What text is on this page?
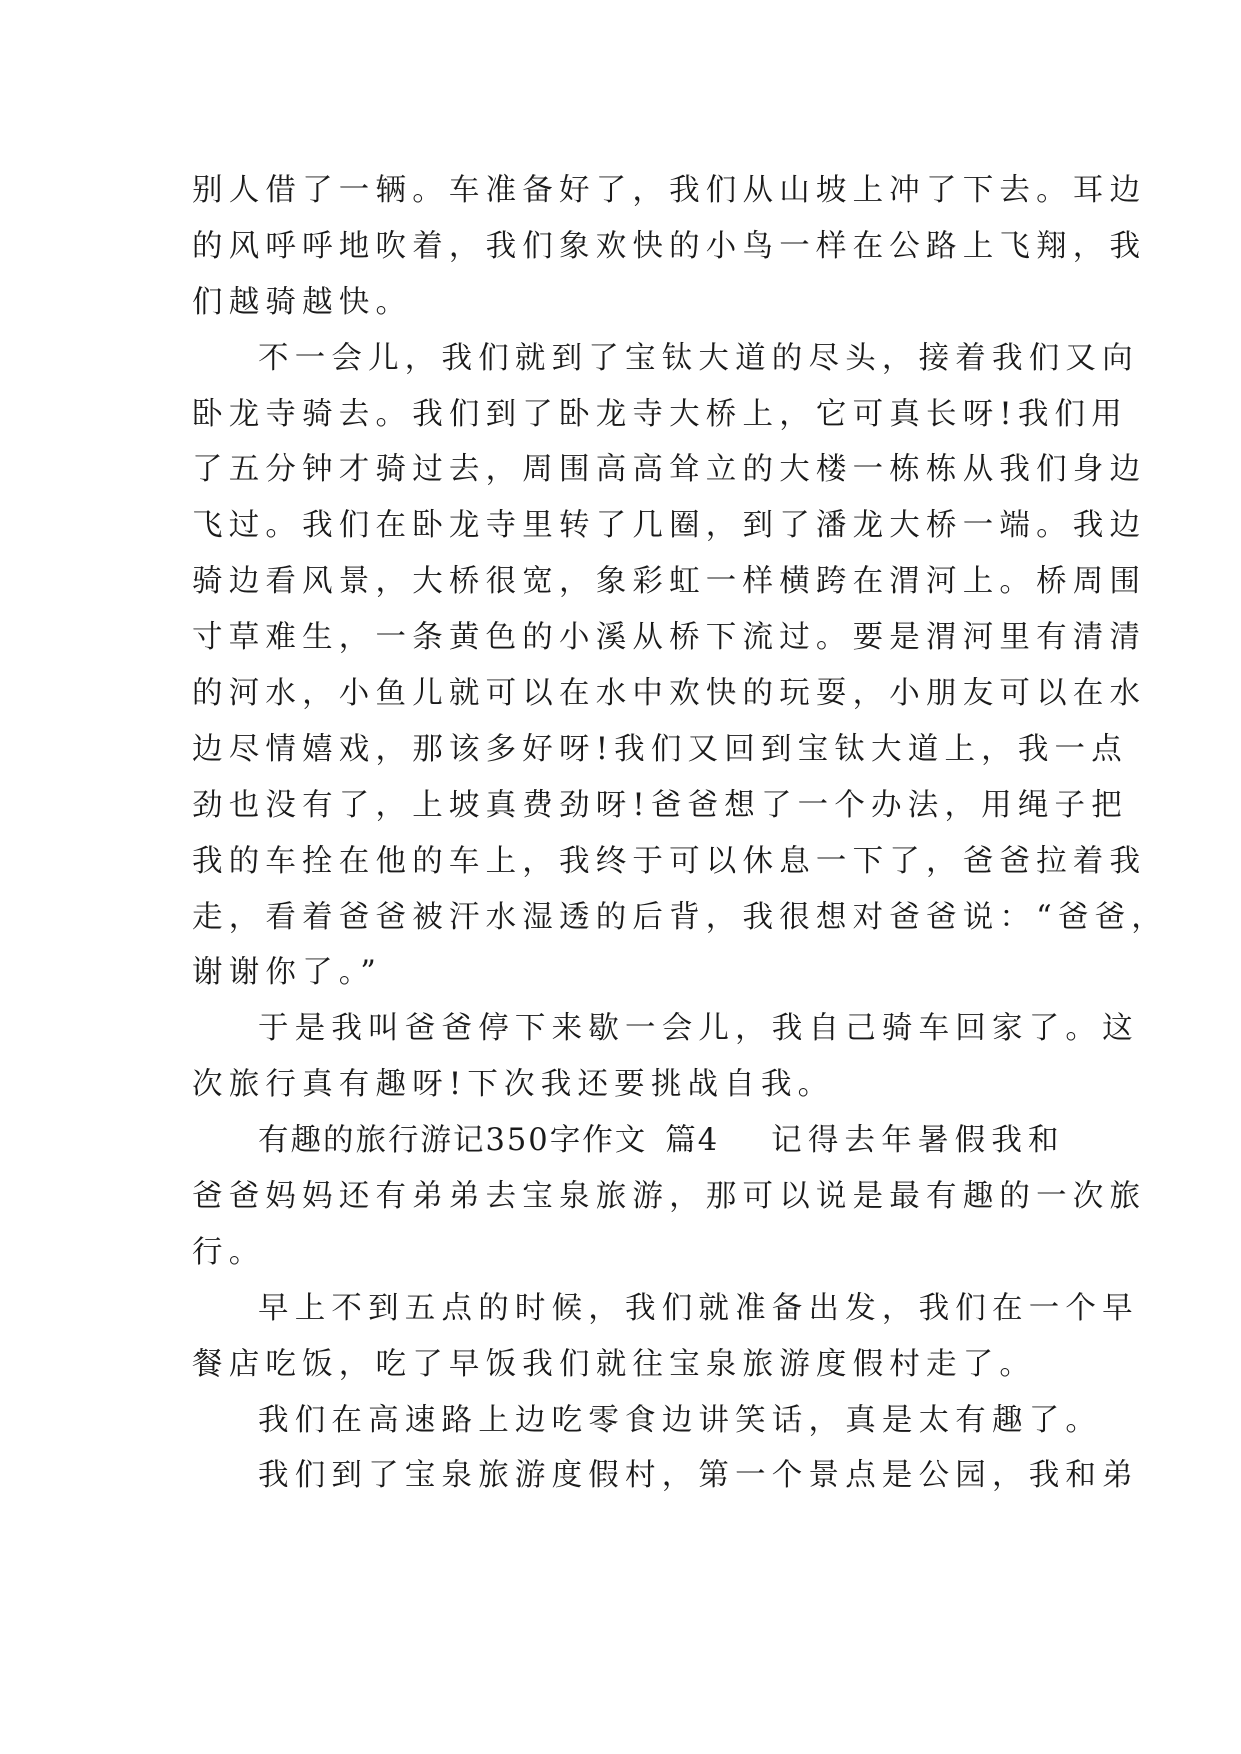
别人借了一辆。车准备好了，我们从山坡上冲了下去。耳边
的风呼呼地吹着，我们象欢快的小鸟一样在公路上飞翔，我
们越骑越快。
不一会儿，我们就到了宝钛大道的尽头，接着我们又向
卧龙寺骑去。我们到了卧龙寺大桥上，它可真长呀!我们用
了五分钟才骑过去，周围高高耸立的大楼一栋栋从我们身边
飞过。我们在卧龙寺里转了几圈，到了潘龙大桥一端。我边
骑边看风景，大桥很宽，象彩虹一样横跨在渭河上。桥周围
寸草难生，一条黄色的小溪从桥下流过。要是渭河里有清清
的河水，小鱼儿就可以在水中欢快的玩耍，小朋友可以在水
边尽情嬉戏，那该多好呀!我们又回到宝钛大道上，我一点
劲也没有了，上坡真费劲呀!爸爸想了一个办法，用绳子把
我的车拴在他的车上，我终于可以休息一下了，爸爸拉着我
走，看着爸爸被汗水湿透的后背，我很想对爸爸说：“爸爸，
谢谢你了。”
于是我叫爸爸停下来歇一会儿，我自己骑车回家了。这
次旅行真有趣呀!下次我还要挑战自我。
有趣的旅行游记350字作文 篇4 记得去年暑假我和
爸爸妈妈还有弟弟去宝泉旅游，那可以说是最有趣的一次旅
行。
早上不到五点的时候，我们就准备出发，我们在一个早
餐店吃饭，吃了早饭我们就往宝泉旅游度假村走了。
我们在高速路上边吃零食边讲笑话，真是太有趣了。
我们到了宝泉旅游度假村，第一个景点是公园，我和弟
